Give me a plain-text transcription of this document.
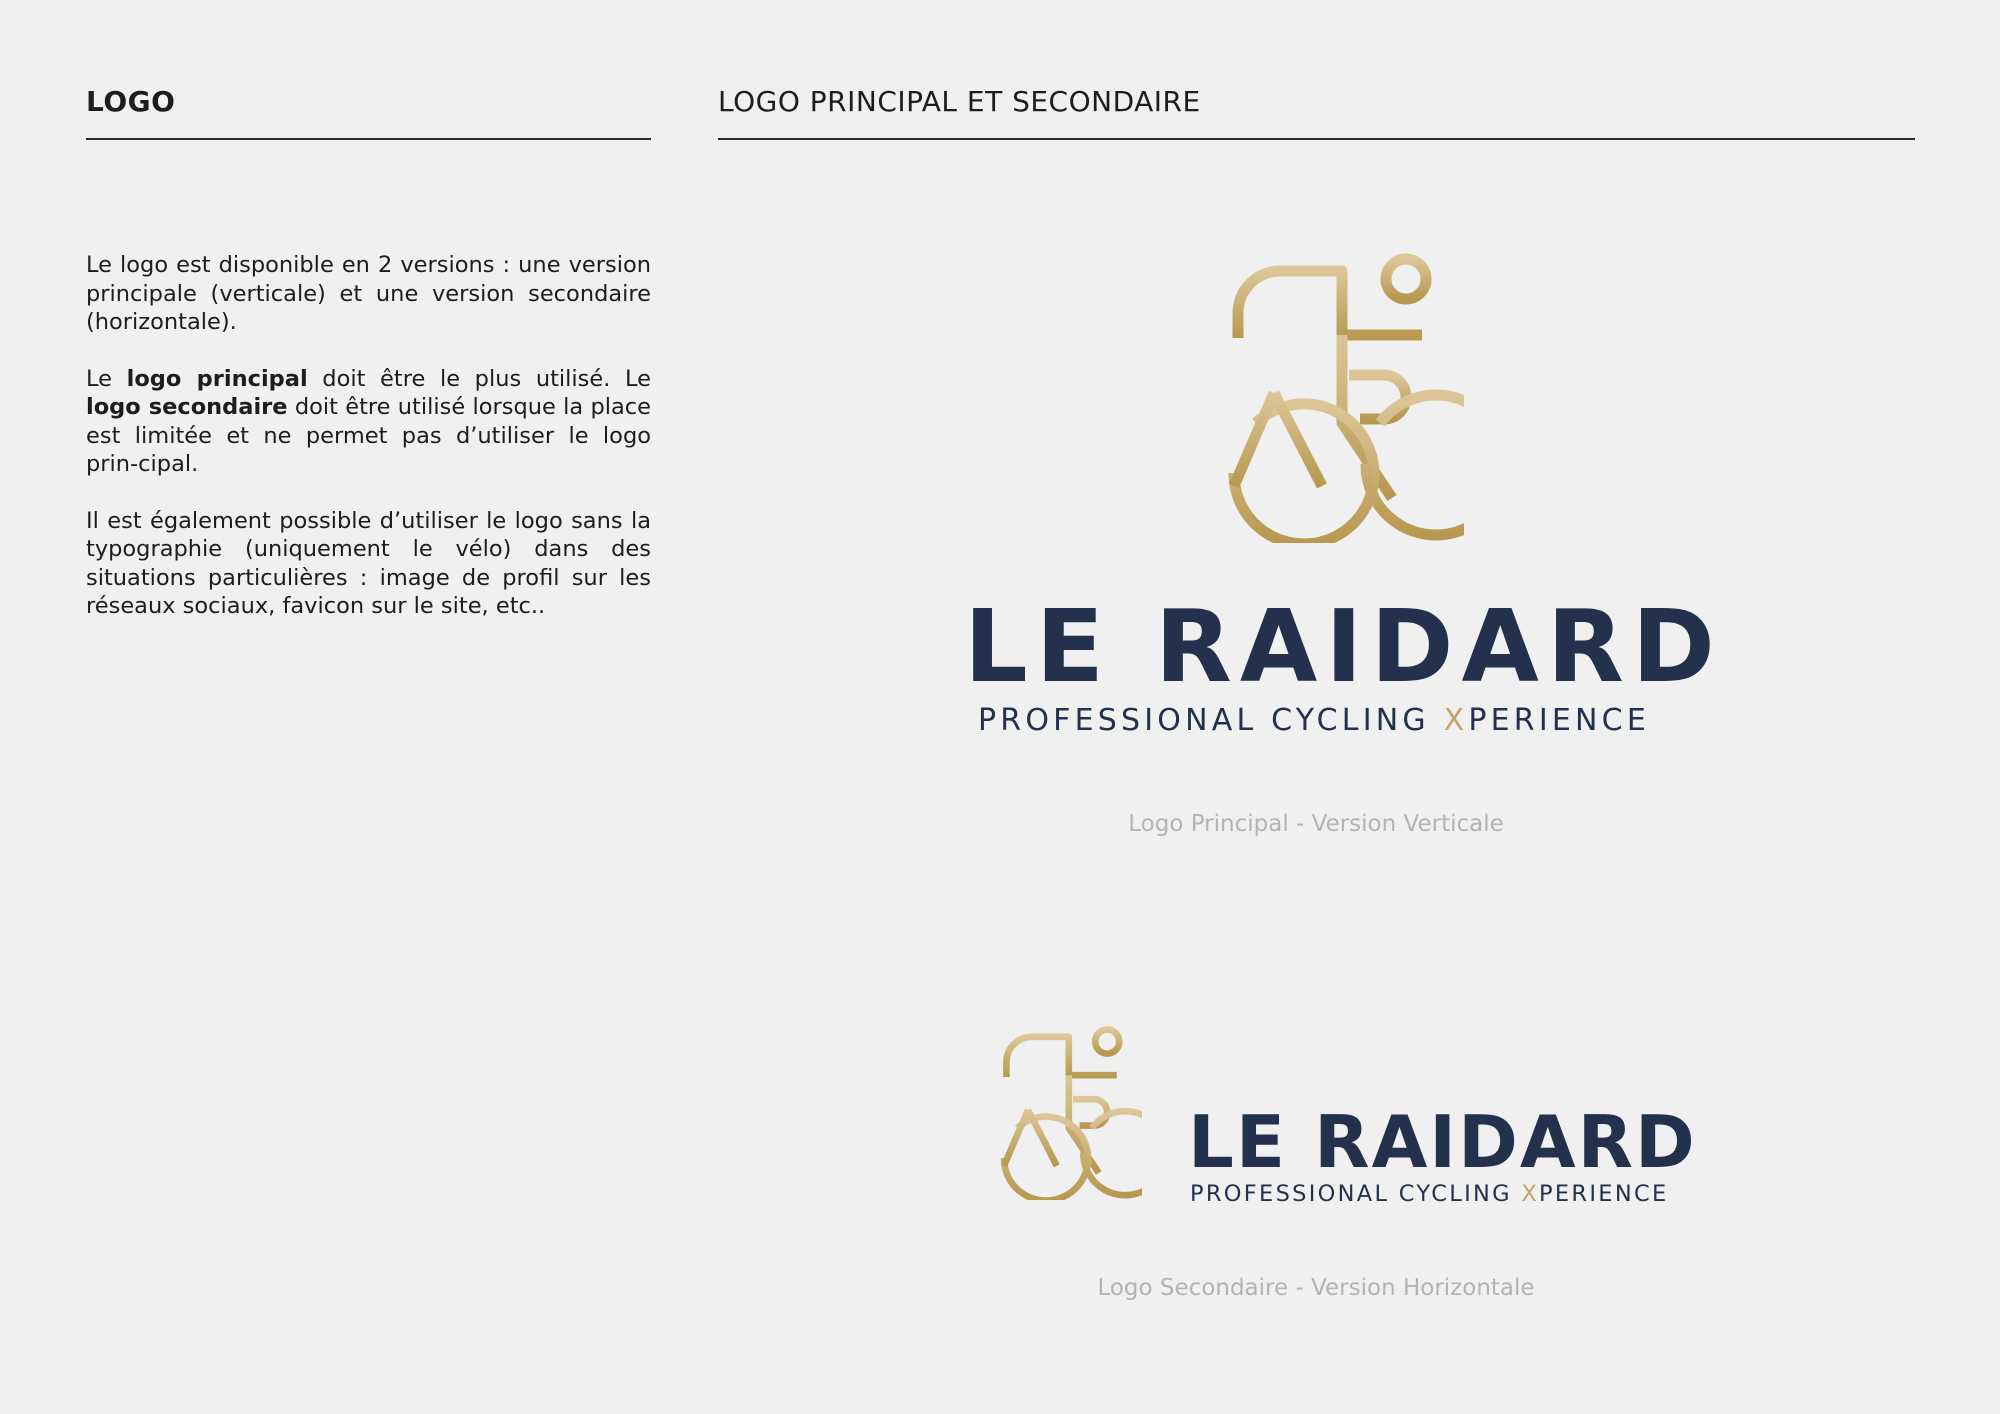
LOGO

Le logo est disponible en 2 versions : une version principale (verticale) et une version secondaire (horizontale).

Le logo principal doit être le plus utilisé. Le logo secondaire doit être utilisé lorsque la place est limitée et ne permet pas d’utiliser le logo prin-cipal.

Il est également possible d’utiliser le logo sans la typographie (uniquement le vélo) dans des situations particulières : image de profil sur les réseaux sociaux, favicon sur le site, etc..

LOGO PRINCIPAL ET SECONDAIRE
LE RAIDARD
PROFESSIONAL CYCLING XPERIENCE
Logo Principal - Version Verticale
LE RAIDARD
PROFESSIONAL CYCLING XPERIENCE
Logo Secondaire - Version Horizontale
